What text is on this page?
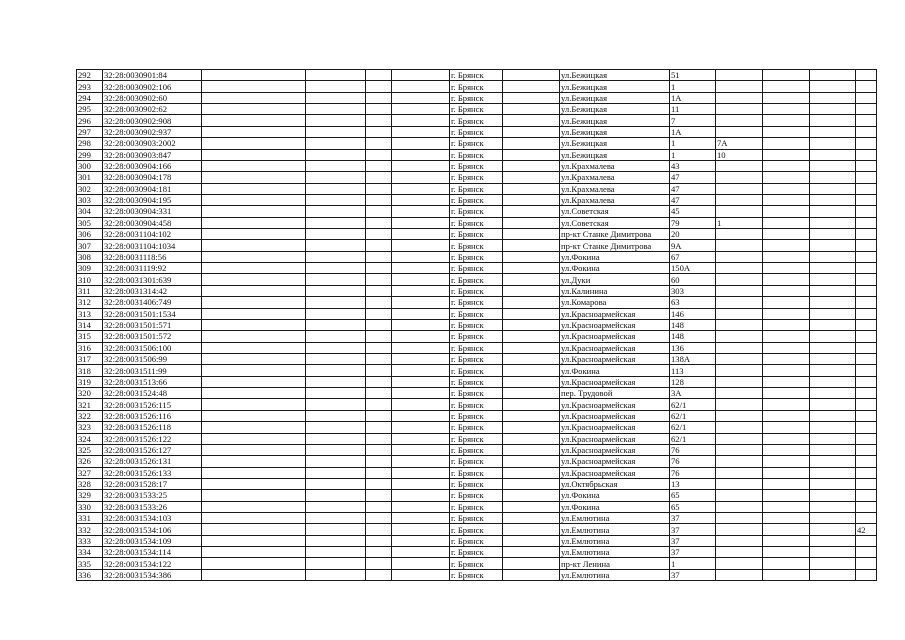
292	32:28:0030901:84					г. Брянск		ул.Бежицкая	51				
293	32:28:0030902:106					г. Брянск		ул.Бежицкая	1				
294	32:28:0030902:60					г. Брянск		ул.Бежицкая	1А				
295	32:28:0030902:62					г. Брянск		ул.Бежицкая	11				
296	32:28:0030902:908					г. Брянск		ул.Бежицкая	7				
297	32:28:0030902:937					г. Брянск		ул.Бежицкая	1А				
298	32:28:0030903:2002					г. Брянск		ул.Бежицкая	1	7А			
299	32:28:0030903:847					г. Брянск		ул.Бежицкая	1	10			
300	32:28:0030904:166					г. Брянск		ул.Крахмалева	43				
301	32:28:0030904:178					г. Брянск		ул.Крахмалева	47				
302	32:28:0030904:181					г. Брянск		ул.Крахмалева	47				
303	32:28:0030904:195					г. Брянск		ул.Крахмалева	47				
304	32:28:0030904:331					г. Брянск		ул.Советская	45				
305	32:28:0030904:458					г. Брянск		ул.Советская	79	1			
306	32:28:0031104:102					г. Брянск		пр-кт Станке Димитрова	20				
307	32:28:0031104:1034					г. Брянск		пр-кт Станке Димитрова	9А				
308	32:28:0031118:56					г. Брянск		ул.Фокина	67				
309	32:28:0031119:92					г. Брянск		ул.Фокина	150А				
310	32:28:0031301:639					г. Брянск		ул.Дуки	60				
311	32:28:0031314:42					г. Брянск		ул.Калинина	303				
312	32:28:0031406:749					г. Брянск		ул.Комарова	63				
313	32:28:0031501:1534					г. Брянск		ул.Красноармейская	146				
314	32:28:0031501:571					г. Брянск		ул.Красноармейская	148				
315	32:28:0031501:572					г. Брянск		ул.Красноармейская	148				
316	32:28:0031506:100					г. Брянск		ул.Красноармейская	136				
317	32:28:0031506:99					г. Брянск		ул.Красноармейская	138А				
318	32:28:0031511:99					г. Брянск		ул.Фокина	113				
319	32:28:0031513:66					г. Брянск		ул.Красноармейская	128				
320	32:28:0031524:48					г. Брянск		пер. Трудовой	3А				
321	32:28:0031526:115					г. Брянск		ул.Красноармейская	62/1				
322	32:28:0031526:116					г. Брянск		ул.Красноармейская	62/1				
323	32:28:0031526:118					г. Брянск		ул.Красноармейская	62/1				
324	32:28:0031526:122					г. Брянск		ул.Красноармейская	62/1				
325	32:28:0031526:127					г. Брянск		ул.Красноармейская	76				
326	32:28:0031526:131					г. Брянск		ул.Красноармейская	76				
327	32:28:0031526:133					г. Брянск		ул.Красноармейская	76				
328	32:28:0031528:17					г. Брянск		ул.Октябрьская	13				
329	32:28:0031533:25					г. Брянск		ул.Фокина	65				
330	32:28:0031533:26					г. Брянск		ул.Фокина	65				
331	32:28:0031534:103					г. Брянск		ул.Емлютина	37				
332	32:28:0031534:106					г. Брянск		ул.Емлютина	37				42
333	32:28:0031534:109					г. Брянск		ул.Емлютина	37				
334	32:28:0031534:114					г. Брянск		ул.Емлютина	37				
335	32:28:0031534:122					г. Брянск		пр-кт Ленина	1				
336	32:28:0031534:386					г. Брянск		ул.Емлютина	37				
